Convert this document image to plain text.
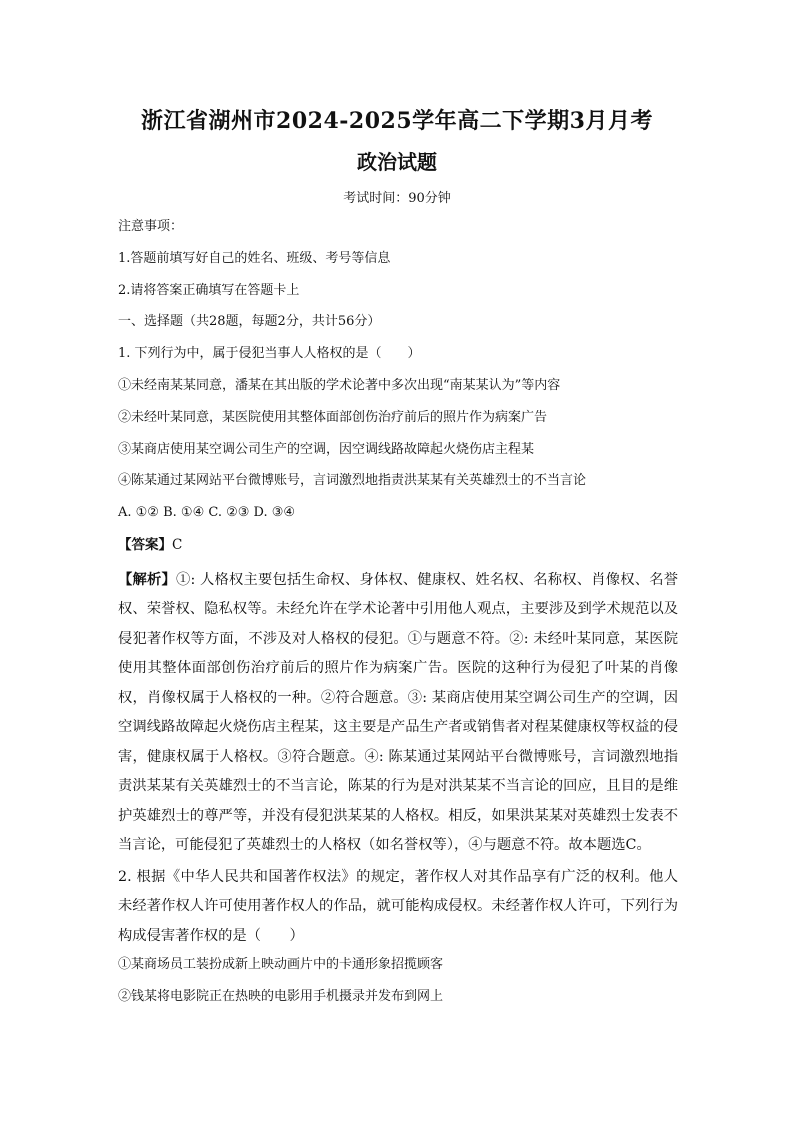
浙江省湖州市2024-2025学年高二下学期3月月考
政治试题
考试时间：90分钟
注意事项：
1.答题前填写好自己的姓名、班级、考号等信息
2.请将答案正确填写在答题卡上
一、选择题（共28题，每题2分，共计56分）
1. 下列行为中，属于侵犯当事人人格权的是（　　）
①未经南某某同意，潘某在其出版的学术论著中多次出现“南某某认为”等内容
②未经叶某同意，某医院使用其整体面部创伤治疗前后的照片作为病案广告
③某商店使用某空调公司生产的空调，因空调线路故障起火烧伤店主程某
④陈某通过某网站平台微博账号，言词激烈地指责洪某某有关英雄烈士的不当言论
A. ①② B. ①④ C. ②③ D. ③④
【答案】C
【解析】①: 人格权主要包括生命权、身体权、健康权、姓名权、名称权、肖像权、名誉权、荣誉权、隐私权等。未经允许在学术论著中引用他人观点，主要涉及到学术规范以及侵犯著作权等方面，不涉及对人格权的侵犯。①与题意不符。②: 未经叶某同意，某医院使用其整体面部创伤治疗前后的照片作为病案广告。医院的这种行为侵犯了叶某的肖像权，肖像权属于人格权的一种。②符合题意。③: 某商店使用某空调公司生产的空调，因空调线路故障起火烧伤店主程某，这主要是产品生产者或销售者对程某健康权等权益的侵害，健康权属于人格权。③符合题意。④: 陈某通过某网站平台微博账号，言词激烈地指责洪某某有关英雄烈士的不当言论，陈某的行为是对洪某某不当言论的回应，且目的是维护英雄烈士的尊严等，并没有侵犯洪某某的人格权。相反，如果洪某某对英雄烈士发表不当言论，可能侵犯了英雄烈士的人格权（如名誉权等），④与题意不符。故本题选C。
2. 根据《中华人民共和国著作权法》的规定，著作权人对其作品享有广泛的权利。他人未经著作权人许可使用著作权人的作品，就可能构成侵权。未经著作权人许可，下列行为构成侵害著作权的是（　　）
①某商场员工装扮成新上映动画片中的卡通形象招揽顾客
②钱某将电影院正在热映的电影用手机摄录并发布到网上
